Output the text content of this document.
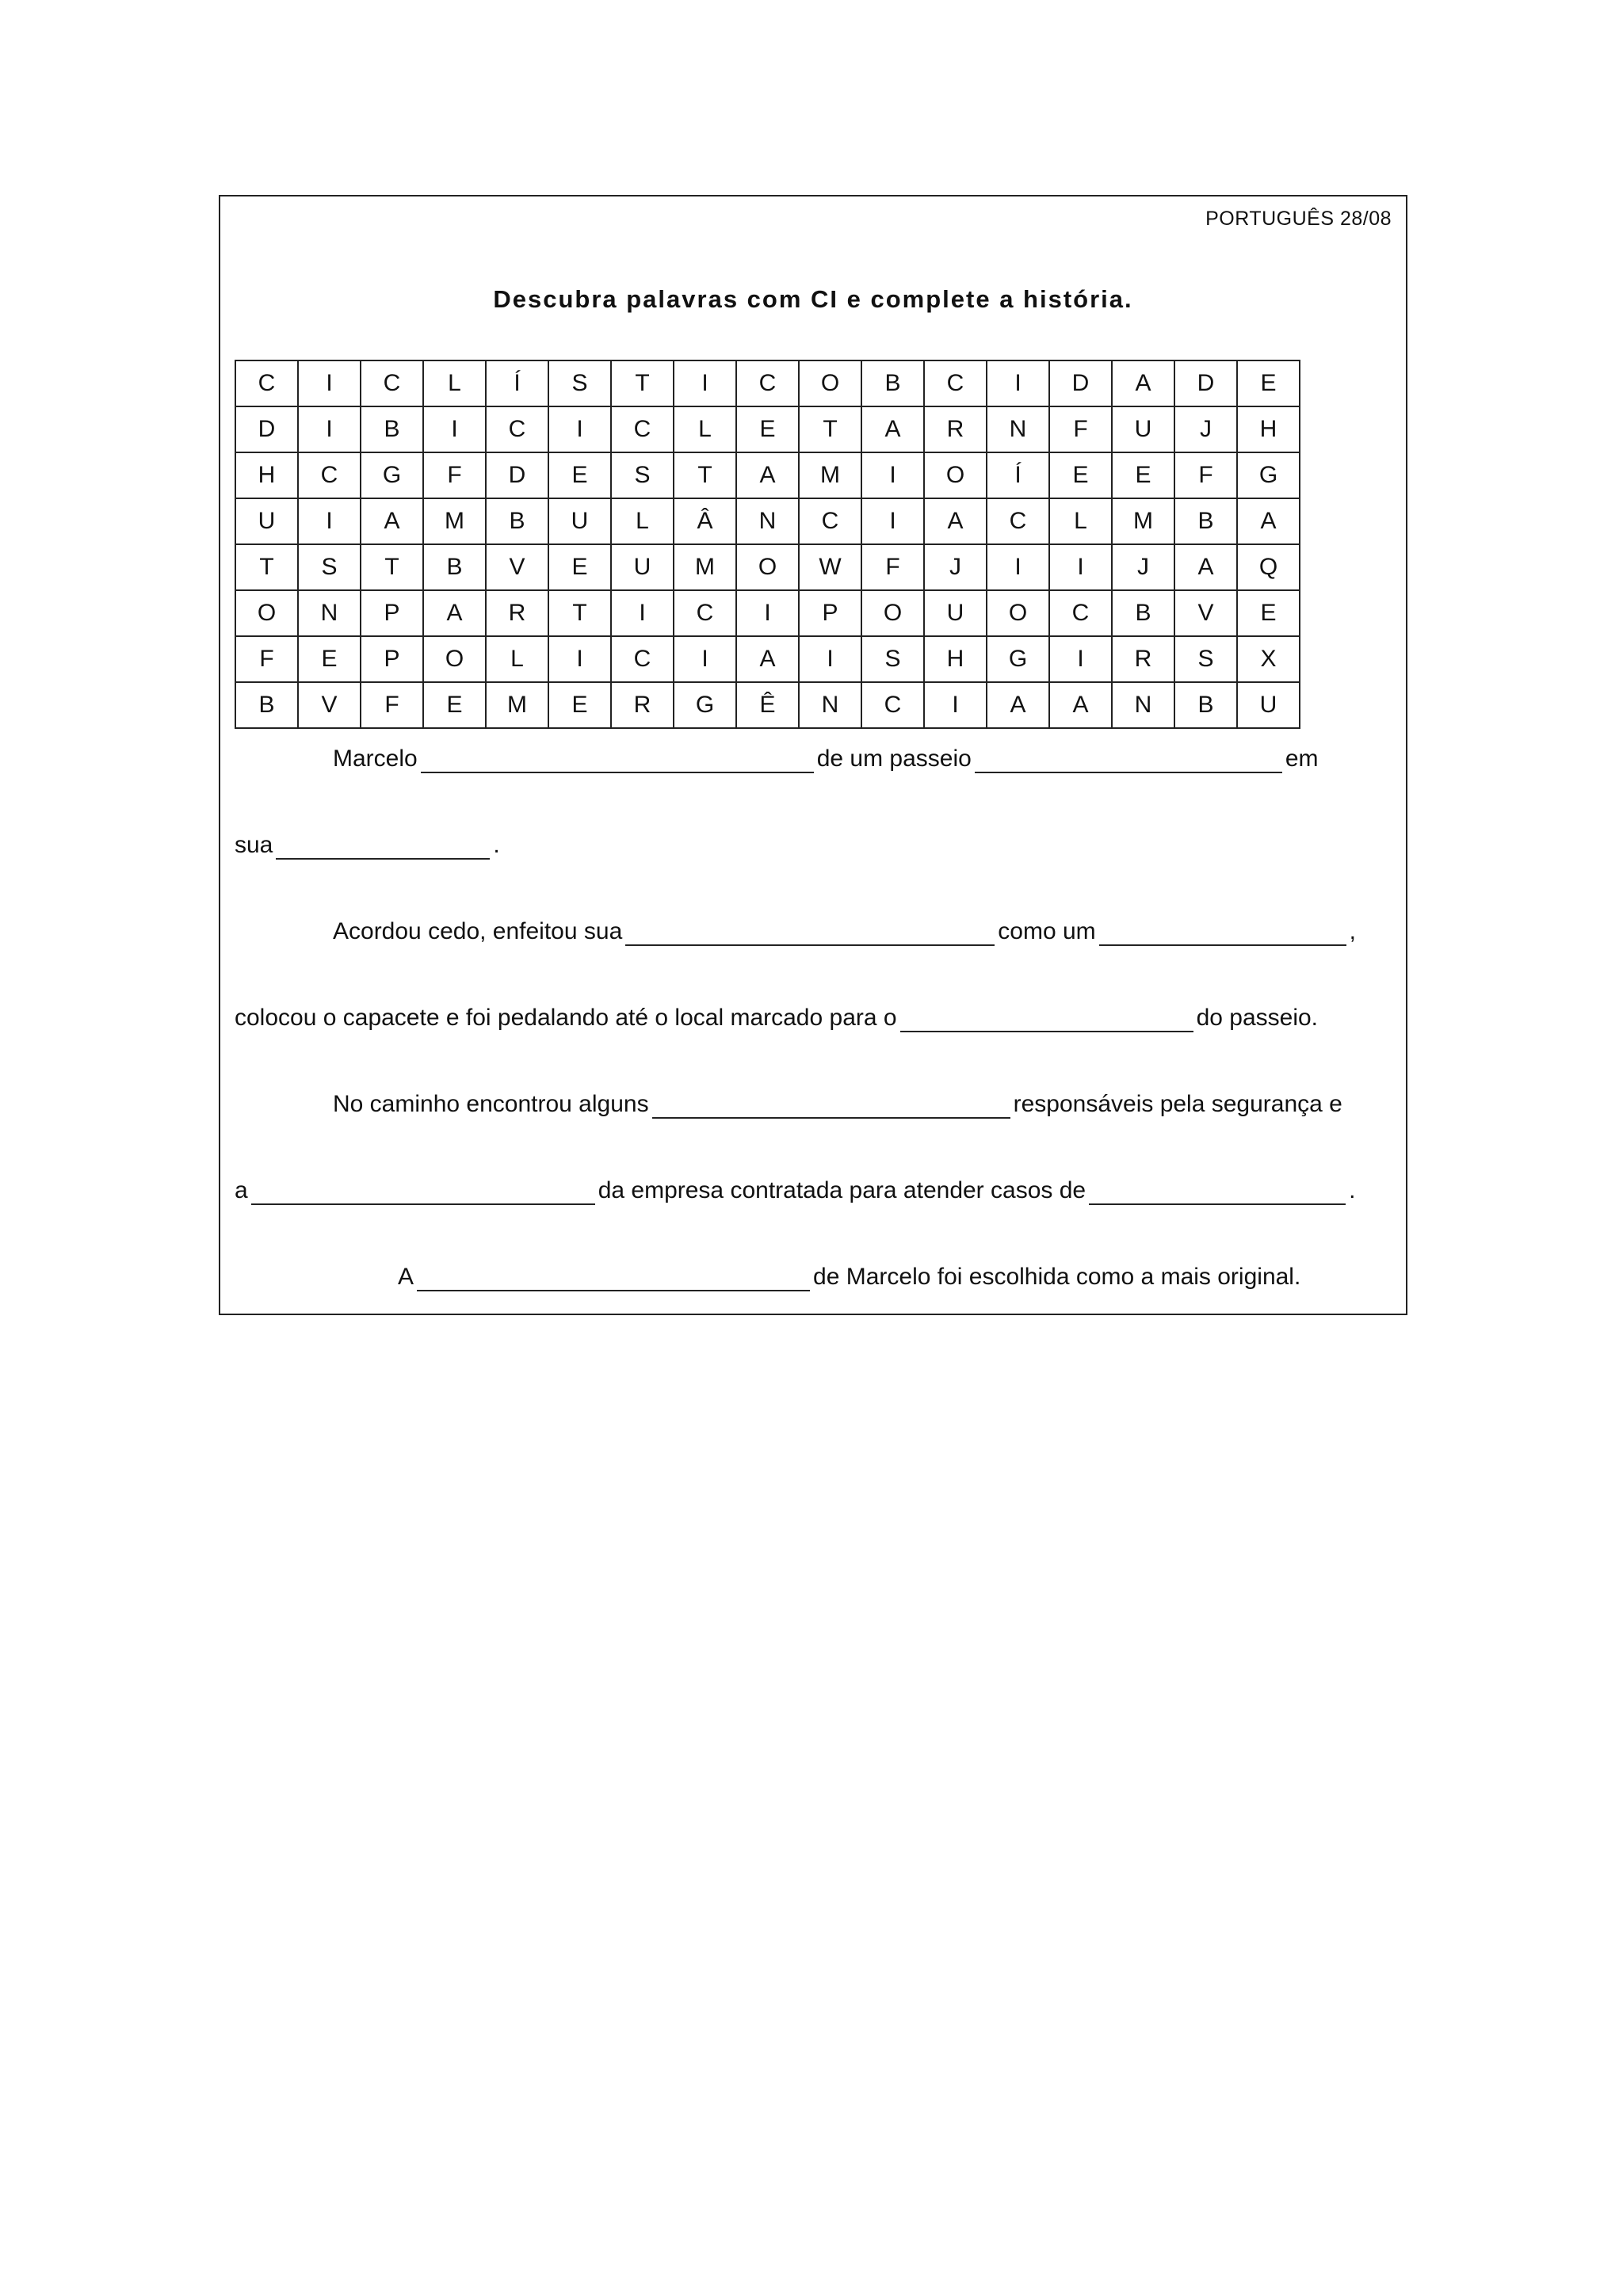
PORTUGUÊS 28/08
Descubra palavras com CI e complete a história.
C	I	C	L	Í	S	T	I	C	O	B	C	I	D	A	D	E
D	I	B	I	C	I	C	L	E	T	A	R	N	F	U	J	H
H	C	G	F	D	E	S	T	A	M	I	O	Í	E	E	F	G
U	I	A	M	B	U	L	Â	N	C	I	A	C	L	M	B	A
T	S	T	B	V	E	U	M	O	W	F	J	I	I	J	A	Q
O	N	P	A	R	T	I	C	I	P	O	U	O	C	B	V	E
F	E	P	O	L	I	C	I	A	I	S	H	G	I	R	S	X
B	V	F	E	M	E	R	G	Ê	N	C	I	A	A	N	B	U
Marcelo	de um passeio	em
sua	.
Acordou cedo, enfeitou sua	como um	,
colocou o capacete e foi pedalando até o local marcado para o	do passeio.
No caminho encontrou alguns	responsáveis pela segurança e
a	da empresa contratada para atender casos de	.
A	de Marcelo foi escolhida como a mais original.
